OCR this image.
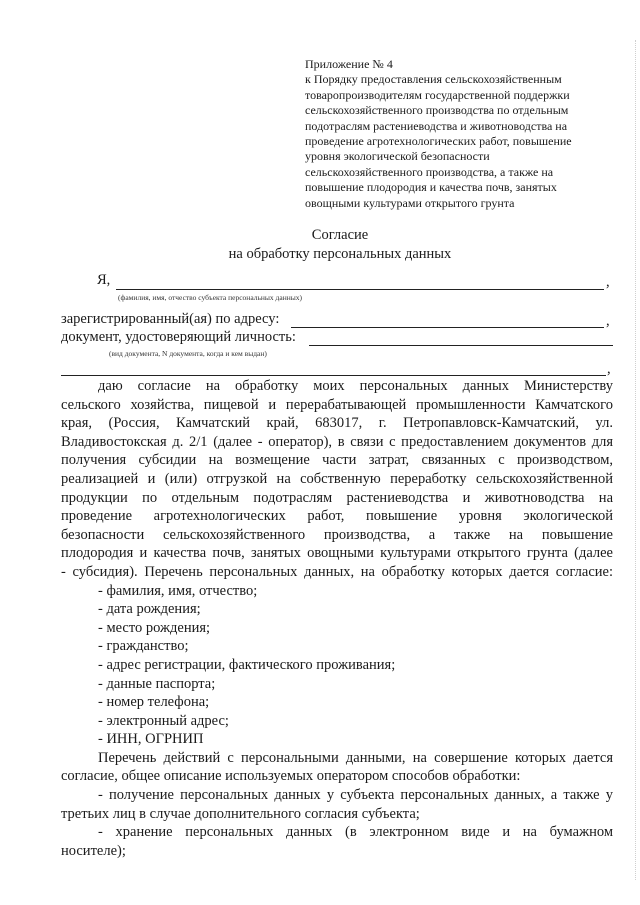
Приложение № 4
к Порядку предоставления сельскохозяйственным
товаропроизводителям государственной поддержки
сельскохозяйственного производства по отдельным
подотраслям растениеводства и животноводства на
проведение агротехнологических работ, повышение
уровня экологической безопасности
сельскохозяйственного производства, а также на
повышение плодородия и качества почв, занятых
овощными культурами открытого грунта
Согласие
на обработку персональных данных
Я,	,
(фамилия, имя, отчество субъекта персональных данных)
зарегистрированный(ая) по адресу:	,
документ, удостоверяющий личность:
(вид документа, N документа, когда и кем выдан)
,
даю согласие на обработку моих персональных данных Министерству
сельского хозяйства, пищевой и перерабатывающей промышленности Камчатского
края, (Россия, Камчатский край, 683017, г. Петропавловск-Камчатский, ул.
Владивостокская д. 2/1 (далее - оператор), в связи с предоставлением документов для
получения субсидии на возмещение части затрат, связанных с производством,
реализацией и (или) отгрузкой на собственную переработку сельскохозяйственной
продукции по отдельным подотраслям растениеводства и животноводства на
проведение агротехнологических работ, повышение уровня экологической
безопасности сельскохозяйственного производства, а также на повышение
плодородия и качества почв, занятых овощными культурами открытого грунта (далее
- субсидия). Перечень персональных данных, на обработку которых дается согласие:
- фамилия, имя, отчество;
- дата рождения;
- место рождения;
- гражданство;
- адрес регистрации, фактического проживания;
- данные паспорта;
- номер телефона;
- электронный адрес;
- ИНН, ОГРНИП
Перечень действий с персональными данными, на совершение которых дается
согласие, общее описание используемых оператором способов обработки:
- получение персональных данных у субъекта персональных данных, а также у
третьих лиц в случае дополнительного согласия субъекта;
- хранение персональных данных (в электронном виде и на бумажном
носителе);
